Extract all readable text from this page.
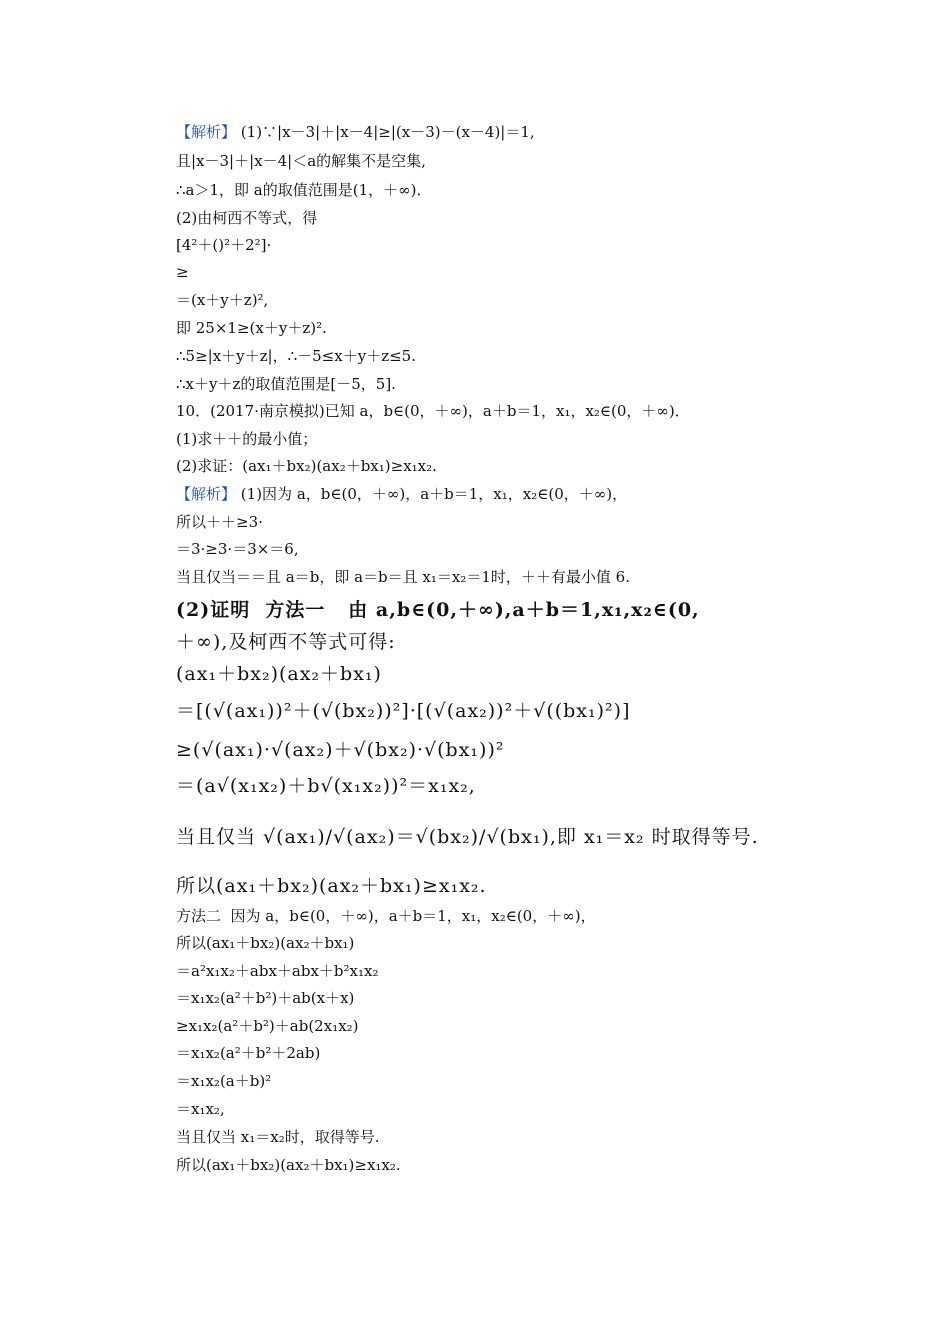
【解析】 (1)∵|x－3|＋|x－4|≥|(x－3)－(x－4)|＝1,
且|x－3|＋|x－4|＜a的解集不是空集,
∴a＞1，即 a的取值范围是(1，＋∞)．
(2)由柯西不等式，得
[4²＋()²＋2²]·
≥
＝(x＋y＋z)²,
即 25×1≥(x＋y＋z)².
∴5≥|x＋y＋z|，∴－5≤x＋y＋z≤5.
∴x＋y＋z的取值范围是[－5，5].
10．(2017·南京模拟)已知 a，b∈(0，＋∞)，a＋b＝1，x₁，x₂∈(0，＋∞)．
(1)求＋＋的最小值；
(2)求证：(ax₁＋bx₂)(ax₂＋bx₁)≥x₁x₂.
【解析】 (1)因为 a，b∈(0，＋∞)，a＋b＝1，x₁，x₂∈(0，＋∞)，
所以＋＋≥3·
＝3·≥3·＝3×＝6,
当且仅当＝＝且 a＝b，即 a＝b＝且 x₁＝x₂＝1时，＋＋有最小值 6.
(2)证明  方法一   由 a,b∈(0,＋∞),a＋b＝1,x₁,x₂∈(0,
＋∞),及柯西不等式可得:
(ax₁＋bx₂)(ax₂＋bx₁)
＝[(√(ax₁))²＋(√(bx₂))²]·[(√(ax₂))²＋√((bx₁)²)]
≥(√(ax₁)·√(ax₂)＋√(bx₂)·√(bx₁))²
＝(a√(x₁x₂)＋b√(x₁x₂))²＝x₁x₂,
当且仅当 √(ax₁)/√(ax₂)＝√(bx₂)/√(bx₁),即 x₁＝x₂ 时取得等号.
所以(ax₁＋bx₂)(ax₂＋bx₁)≥x₁x₂.
方法二  因为 a，b∈(0，＋∞)，a＋b＝1，x₁，x₂∈(0，＋∞)，
所以(ax₁＋bx₂)(ax₂＋bx₁)
＝a²x₁x₂＋abx＋abx＋b²x₁x₂
＝x₁x₂(a²＋b²)＋ab(x＋x)
≥x₁x₂(a²＋b²)＋ab(2x₁x₂)
＝x₁x₂(a²＋b²＋2ab)
＝x₁x₂(a＋b)²
＝x₁x₂,
当且仅当 x₁＝x₂时，取得等号.
所以(ax₁＋bx₂)(ax₂＋bx₁)≥x₁x₂.
